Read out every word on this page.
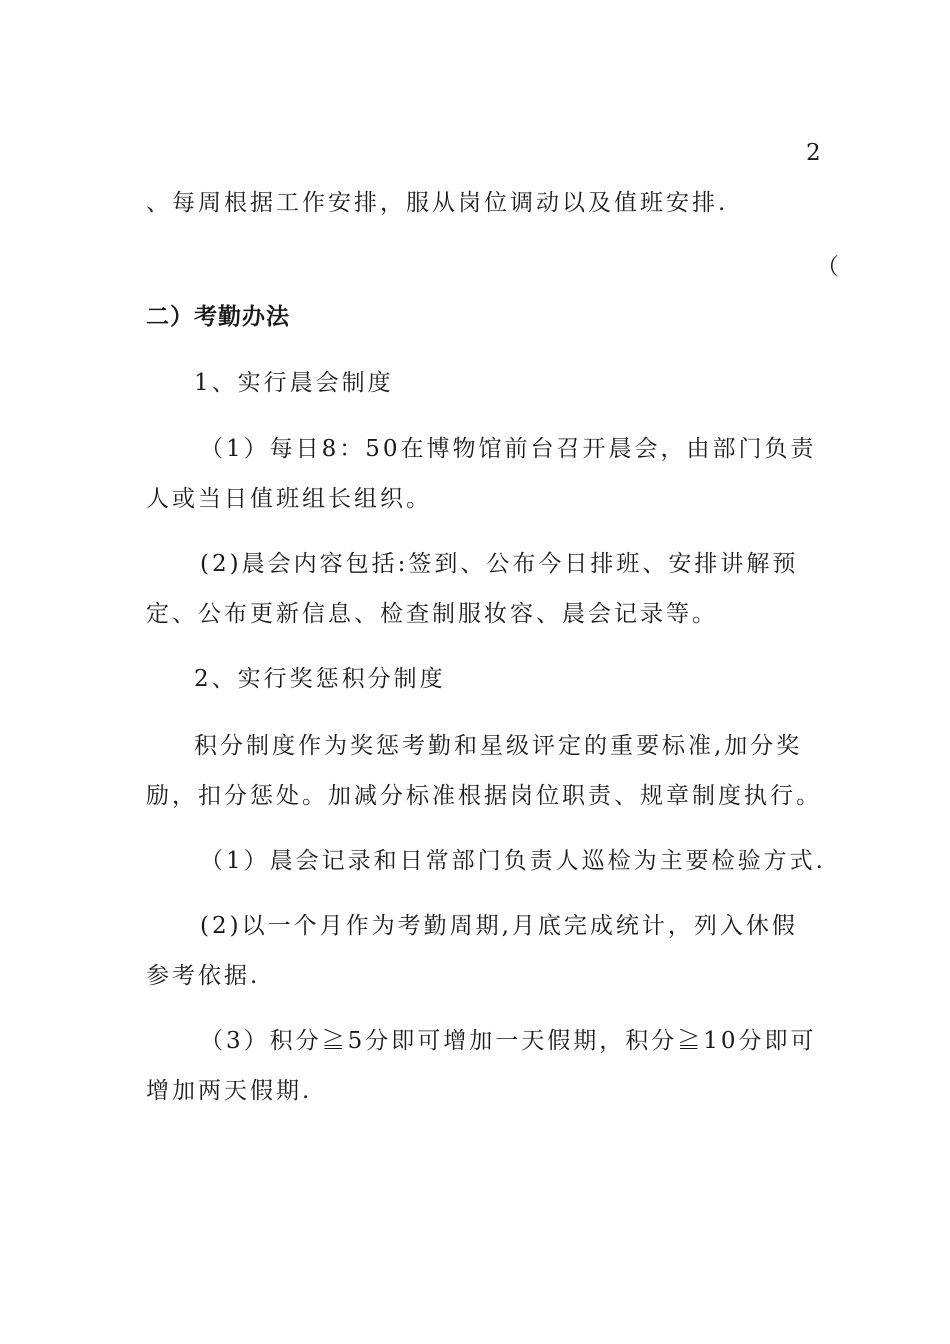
2
、每周根据工作安排，服从岗位调动以及值班安排.
（
二）考勤办法
1、实行晨会制度
（1）每日8：50在博物馆前台召开晨会，由部门负责
人或当日值班组长组织。
(2)晨会内容包括:签到、公布今日排班、安排讲解预
定、公布更新信息、检查制服妆容、晨会记录等。
2、实行奖惩积分制度
积分制度作为奖惩考勤和星级评定的重要标准,加分奖
励，扣分惩处。加减分标准根据岗位职责、规章制度执行。
（1）晨会记录和日常部门负责人巡检为主要检验方式.
(2)以一个月作为考勤周期,月底完成统计，列入休假
参考依据.
（3）积分≧5分即可增加一天假期，积分≧10分即可
增加两天假期.
